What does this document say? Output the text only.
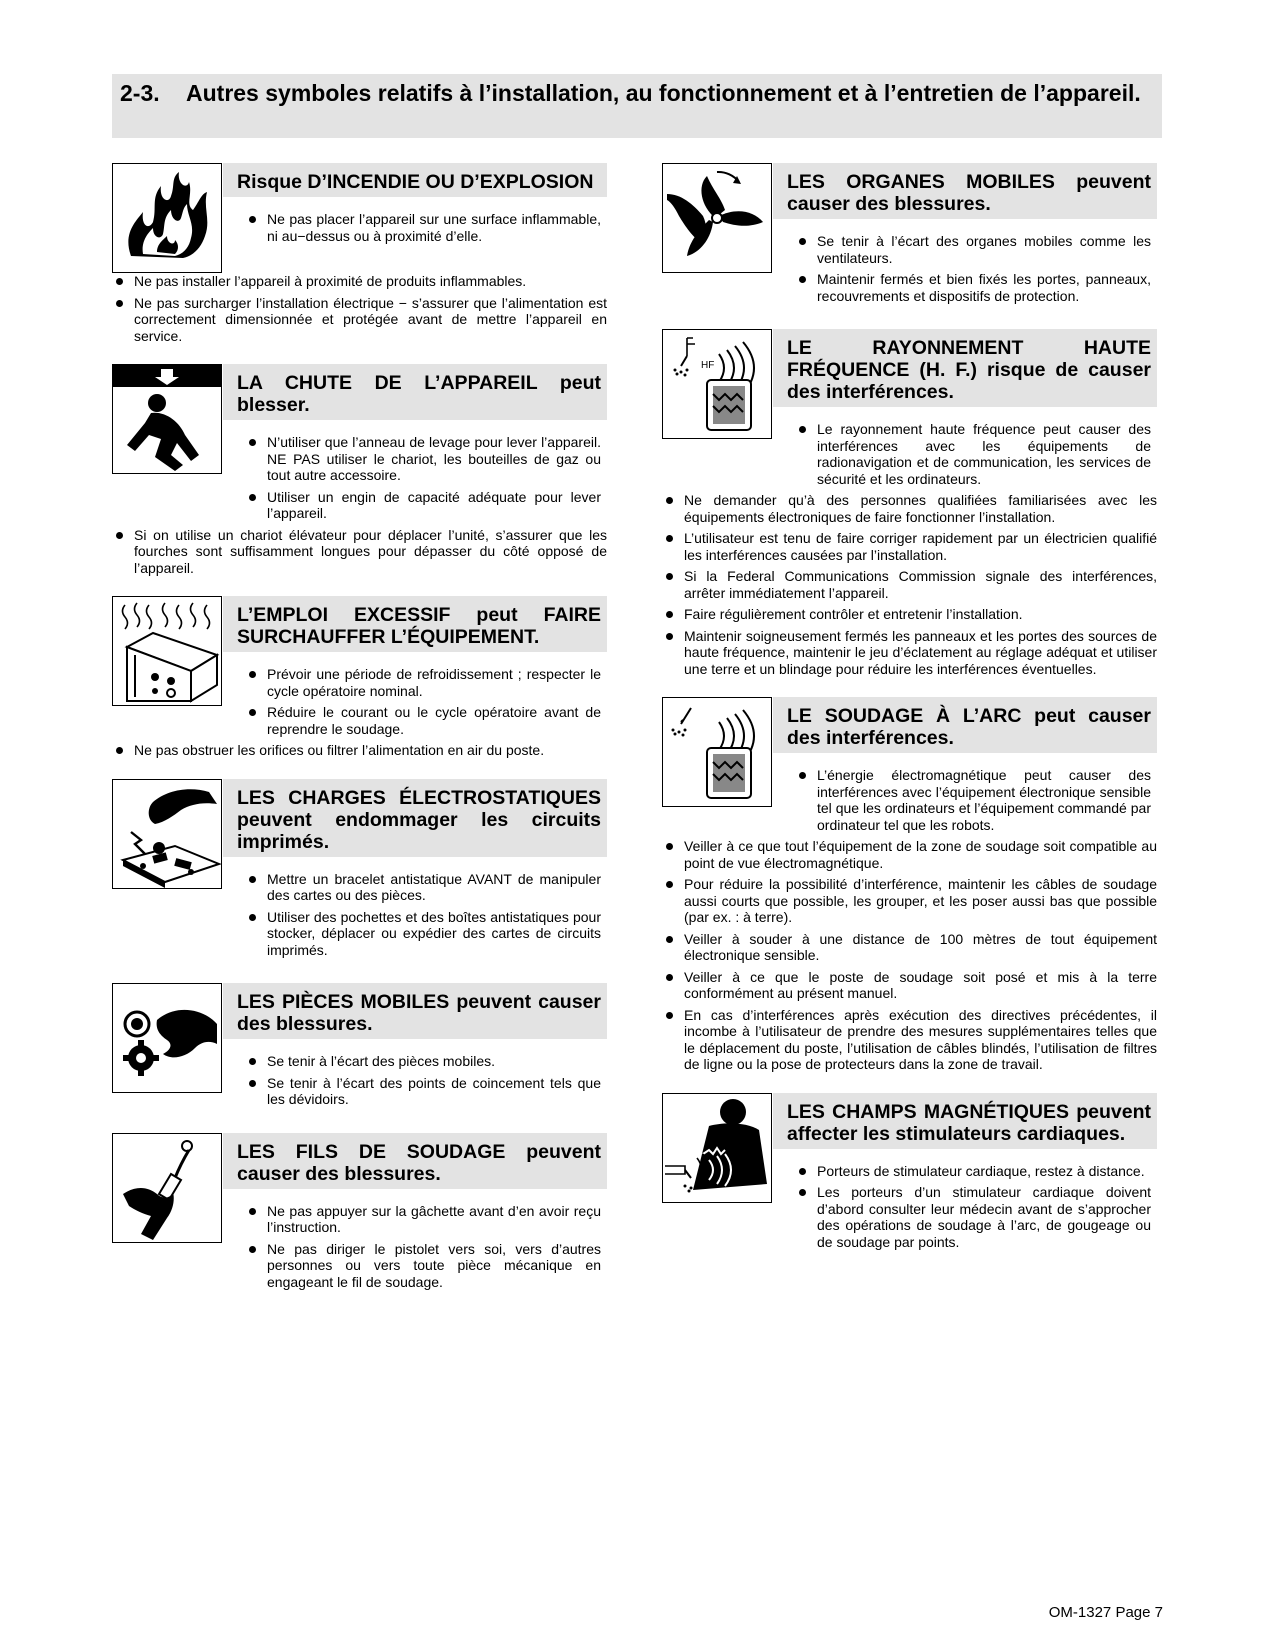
2-3.	Autres symboles relatifs à l’installation, au fonctionnement et à l’entretien de l’appareil.
Risque D’INCENDIE OU D’EXPLOSION
Ne pas placer l’appareil sur une surface inflammable, ni au−dessus ou à proximité d’elle.
Ne pas installer l’appareil à proximité de produits inflammables.
Ne pas surcharger l’installation électrique − s’assurer que l’alimentation est correctement dimensionnée et protégée avant de mettre l’appareil en service.
LA CHUTE DE L’APPAREIL peut blesser.
N’utiliser que l’anneau de levage pour lever l’appareil. NE PAS utiliser le chariot, les bouteilles de gaz ou tout autre accessoire.
Utiliser un engin de capacité adéquate pour lever l’appareil.
Si on utilise un chariot élévateur pour déplacer l’unité, s’assurer que les fourches sont suffisamment longues pour dépasser du côté opposé de l’appareil.
L’EMPLOI EXCESSIF peut FAIRE SURCHAUFFER L’ÉQUIPEMENT.
Prévoir une période de refroidissement ; respecter le cycle opératoire nominal.
Réduire le courant ou le cycle opératoire avant de reprendre le soudage.
Ne pas obstruer les orifices ou filtrer l’alimentation en air du poste.
LES CHARGES ÉLECTROSTATIQUES peuvent endommager les circuits imprimés.
Mettre un bracelet antistatique AVANT de manipuler des cartes ou des pièces.
Utiliser des pochettes et des boîtes antistatiques pour stocker, déplacer ou expédier des cartes de circuits imprimés.
LES PIÈCES MOBILES peuvent causer des blessures.
Se tenir à l’écart des pièces mobiles.
Se tenir à l’écart des points de coincement tels que les dévidoirs.
LES FILS DE SOUDAGE peuvent causer des blessures.
Ne pas appuyer sur la gâchette avant d’en avoir reçu l’instruction.
Ne pas diriger le pistolet vers soi, vers d’autres personnes ou vers toute pièce mécanique en engageant le fil de soudage.
LES ORGANES MOBILES peuvent causer des blessures.
Se tenir à l’écart des organes mobiles comme les ventilateurs.
Maintenir fermés et bien fixés les portes, panneaux, recouvrements et dispositifs de protection.
HF
LE RAYONNEMENT HAUTE FRÉQUENCE (H. F.) risque de causer des interférences.
Le rayonnement haute fréquence peut causer des interférences avec les équipements de radionavigation et de communication, les services de sécurité et les ordinateurs.
Ne demander qu’à des personnes qualifiées familiarisées avec les équipements électroniques de faire fonctionner l’installation.
L’utilisateur est tenu de faire corriger rapidement par un électricien qualifié les interférences causées par l’installation.
Si la Federal Communications Commission signale des interférences, arrêter immédiatement l’appareil.
Faire régulièrement contrôler et entretenir l’installation.
Maintenir soigneusement fermés les panneaux et les portes des sources de haute fréquence, maintenir le jeu d’éclatement au réglage adéquat et utiliser une terre et un blindage pour réduire les interférences éventuelles.
LE SOUDAGE À L’ARC peut causer des interférences.
L’énergie électromagnétique peut causer des interférences avec l’équipement électronique sensible tel que les ordinateurs et l’équipement commandé par ordinateur tel que les robots.
Veiller à ce que tout l’équipement de la zone de soudage soit compatible au point de vue électromagnétique.
Pour réduire la possibilité d’interférence, maintenir les câbles de soudage aussi courts que possible, les grouper, et les poser aussi bas que possible (par ex. : à terre).
Veiller à souder à une distance de 100 mètres de tout équipement électronique sensible.
Veiller à ce que le poste de soudage soit posé et mis à la terre conformément au présent manuel.
En cas d’interférences après exécution des directives précédentes, il incombe à l’utilisateur de prendre des mesures supplémentaires telles que le déplacement du poste, l’utilisation de câbles blindés, l’utilisation de filtres de ligne ou la pose de protecteurs dans la zone de travail.
LES CHAMPS MAGNÉTIQUES peuvent affecter les stimulateurs cardiaques.
Porteurs de stimulateur cardiaque, restez à distance.
Les porteurs d’un stimulateur cardiaque doivent d’abord consulter leur médecin avant de s’approcher des opérations de soudage à l’arc, de gougeage ou de soudage par points.
OM-1327 Page 7
